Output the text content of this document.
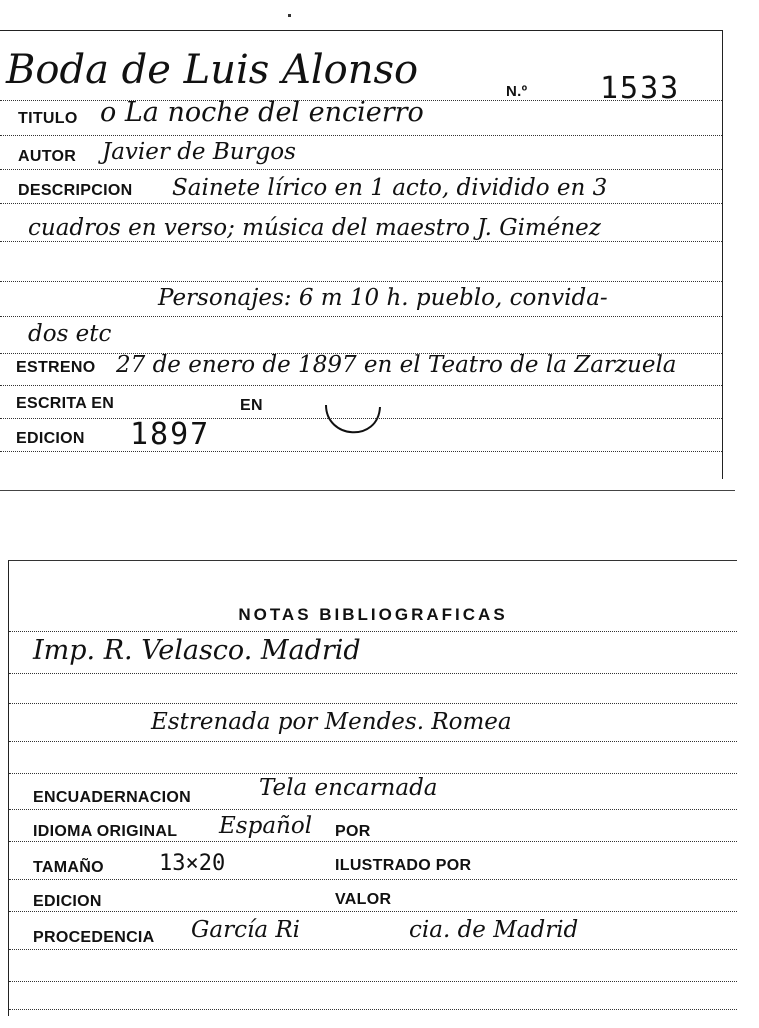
Boda de Luis Alonso	N.º 1533
TITULO o La noche del encierro
AUTOR Javier de Burgos
DESCRIPCION Sainete lírico en 1 acto, dividido en 3
cuadros en verso; música del maestro J. Giménez
Personajes: 6 m 10 h. pueblo, convida-
dos etc
ESTRENO 27 de enero de 1897 en el Teatro de la Zarzuela
ESCRITA EN	EN
EDICION 1897
NOTAS BIBLIOGRAFICAS
Imp. R. Velasco. Madrid
Estrenada por Mendes. Romea
ENCUADERNACION	Tela encarnada
IDIOMA ORIGINAL Español POR
TAMAÑO	13×20	ILUSTRADO POR
EDICION	VALOR
PROCEDENCIA García Ri	cia. de Madrid
